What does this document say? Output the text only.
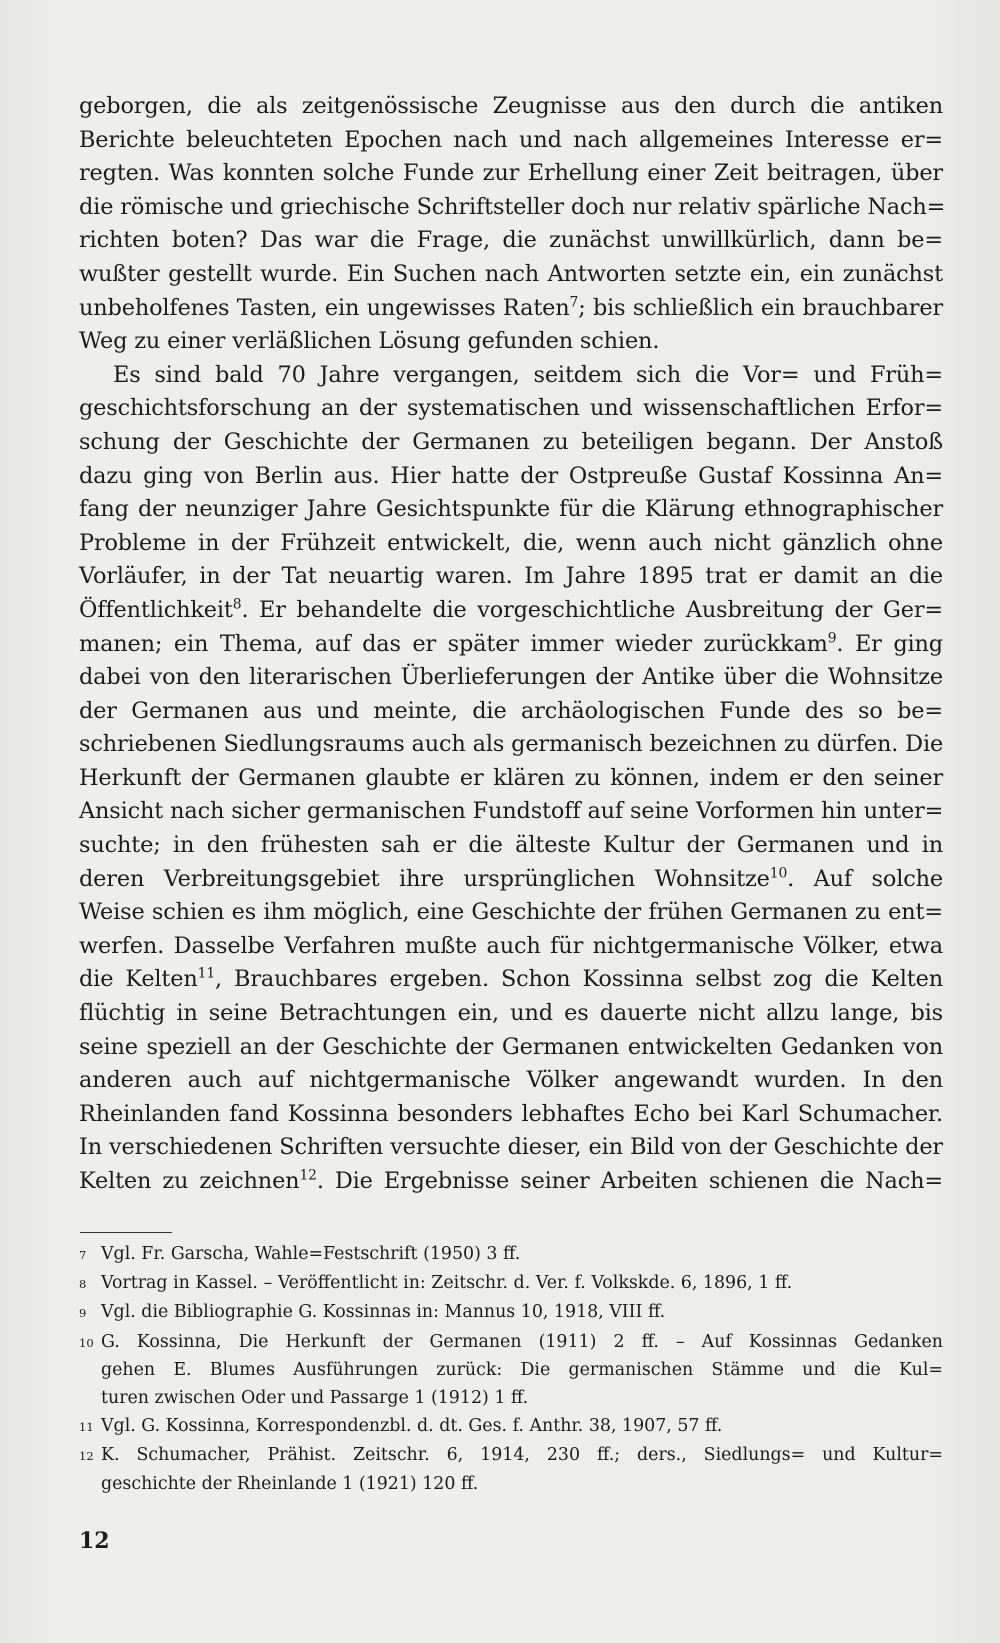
geborgen, die als zeitgenössische Zeugnisse aus den durch die antiken
Berichte beleuchteten Epochen nach und nach allgemeines Interesse er=
regten. Was konnten solche Funde zur Erhellung einer Zeit beitragen, über
die römische und griechische Schriftsteller doch nur relativ spärliche Nach=
richten boten? Das war die Frage, die zunächst unwillkürlich, dann be=
wußter gestellt wurde. Ein Suchen nach Antworten setzte ein, ein zunächst
unbeholfenes Tasten, ein ungewisses Raten$^7$; bis schließlich ein brauchbarer
Weg zu einer verläßlichen Lösung gefunden schien.
Es sind bald 70 Jahre vergangen, seitdem sich die Vor= und Früh=
geschichtsforschung an der systematischen und wissenschaftlichen Erfor=
schung der Geschichte der Germanen zu beteiligen begann. Der Anstoß
dazu ging von Berlin aus. Hier hatte der Ostpreuße Gustaf Kossinna An=
fang der neunziger Jahre Gesichtspunkte für die Klärung ethnographischer
Probleme in der Frühzeit entwickelt, die, wenn auch nicht gänzlich ohne
Vorläufer, in der Tat neuartig waren. Im Jahre 1895 trat er damit an die
Öffentlichkeit$^8$. Er behandelte die vorgeschichtliche Ausbreitung der Ger=
manen; ein Thema, auf das er später immer wieder zurückkam$^9$. Er ging
dabei von den literarischen Überlieferungen der Antike über die Wohnsitze
der Germanen aus und meinte, die archäologischen Funde des so be=
schriebenen Siedlungsraums auch als germanisch bezeichnen zu dürfen. Die
Herkunft der Germanen glaubte er klären zu können, indem er den seiner
Ansicht nach sicher germanischen Fundstoff auf seine Vorformen hin unter=
suchte; in den frühesten sah er die älteste Kultur der Germanen und in
deren Verbreitungsgebiet ihre ursprünglichen Wohnsitze$^{10}$. Auf solche
Weise schien es ihm möglich, eine Geschichte der frühen Germanen zu ent=
werfen. Dasselbe Verfahren mußte auch für nichtgermanische Völker, etwa
die Kelten$^{11}$, Brauchbares ergeben. Schon Kossinna selbst zog die Kelten
flüchtig in seine Betrachtungen ein, und es dauerte nicht allzu lange, bis
seine speziell an der Geschichte der Germanen entwickelten Gedanken von
anderen auch auf nichtgermanische Völker angewandt wurden. In den
Rheinlanden fand Kossinna besonders lebhaftes Echo bei Karl Schumacher.
In verschiedenen Schriften versuchte dieser, ein Bild von der Geschichte der
Kelten zu zeichnen$^{12}$. Die Ergebnisse seiner Arbeiten schienen die Nach=
7 Vgl. Fr. Garscha, Wahle=Festschrift (1950) 3 ff.
8 Vortrag in Kassel. – Veröffentlicht in: Zeitschr. d. Ver. f. Volkskde. 6, 1896, 1 ff.
9 Vgl. die Bibliographie G. Kossinnas in: Mannus 10, 1918, VIII ff.
10 G. Kossinna, Die Herkunft der Germanen (1911) 2 ff. – Auf Kossinnas Gedanken
gehen E. Blumes Ausführungen zurück: Die germanischen Stämme und die Kul=
turen zwischen Oder und Passarge 1 (1912) 1 ff.
11 Vgl. G. Kossinna, Korrespondenzbl. d. dt. Ges. f. Anthr. 38, 1907, 57 ff.
12 K. Schumacher, Prähist. Zeitschr. 6, 1914, 230 ff.; ders., Siedlungs= und Kultur=
geschichte der Rheinlande 1 (1921) 120 ff.
12
